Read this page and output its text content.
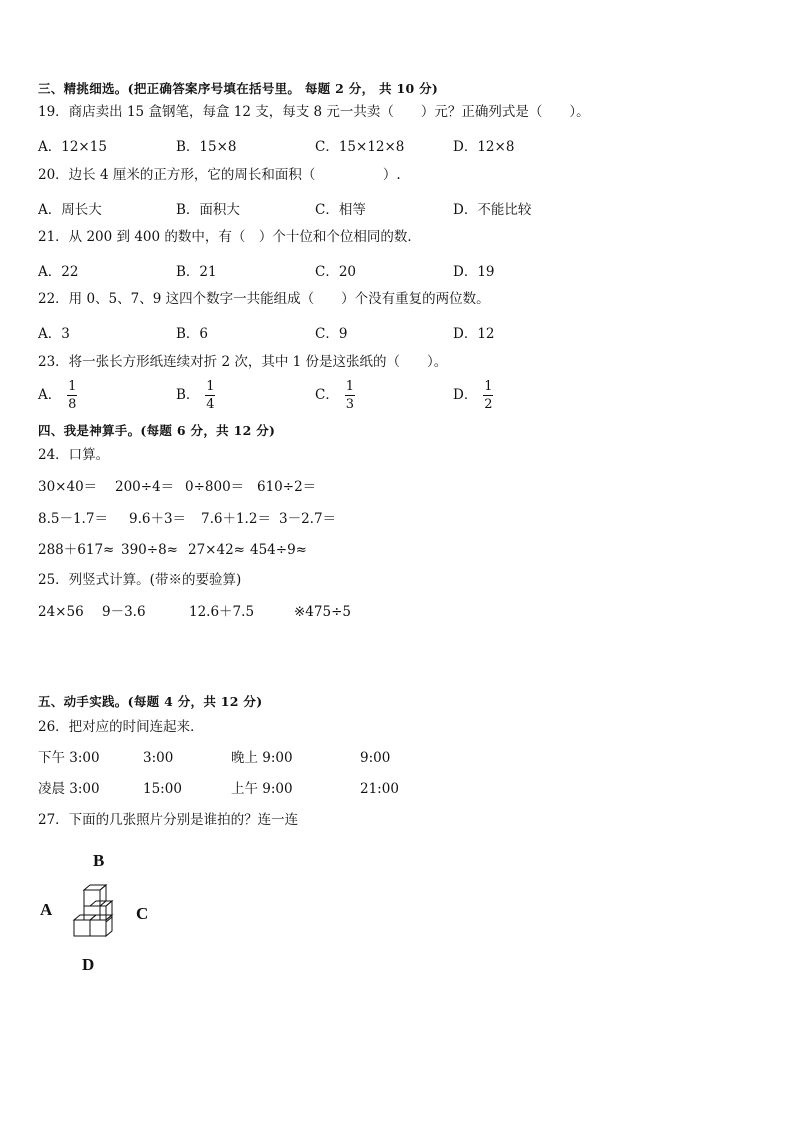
三、精挑细选。(把正确答案序号填在括号里。 每题 2 分， 共 10 分)
19．商店卖出 15 盒钢笔，每盒 12 支，每支 8 元一共卖（　　）元？正确列式是（　　）。
A．12×15	B．15×8	C．15×12×8	D．12×8
20．边长 4 厘米的正方形，它的周长和面积（　　　　　）.
A．周长大	B．面积大	C．相等	D．不能比较
21．从 200 到 400 的数中，有（　）个十位和个位相同的数．
A．22	B．21	C．20	D．19
22．用 0、5、7、9 这四个数字一共能组成（　　）个没有重复的两位数。
A．3	B．6	C．9	D．12
23．将一张长方形纸连续对折 2 次，其中 1 份是这张纸的（　　）。
A． $\frac{1}{8}$	B． $\frac{1}{4}$	C． $\frac{1}{3}$	D． $\frac{1}{2}$
四、我是神算手。(每题 6 分，共 12 分)
24．口算。
30×40＝ 200÷4＝ 0÷800＝ 610÷2＝
8.5－1.7＝ 9.6＋3＝ 7.6＋1.2＝ 3－2.7＝
288＋617≈ 390÷8≈ 27×42≈ 454÷9≈
25．列竖式计算。(带※的要验算)
24×56 9－3.6	12.6＋7.5	※475÷5
五、动手实践。(每题 4 分，共 12 分)
26．把对应的时间连起来．
下午 3:00	3:00	晚上 9:00	9:00
凌晨 3:00	15:00	上午 9:00	21:00
27．下面的几张照片分别是谁拍的？连一连
B
A	C
D
